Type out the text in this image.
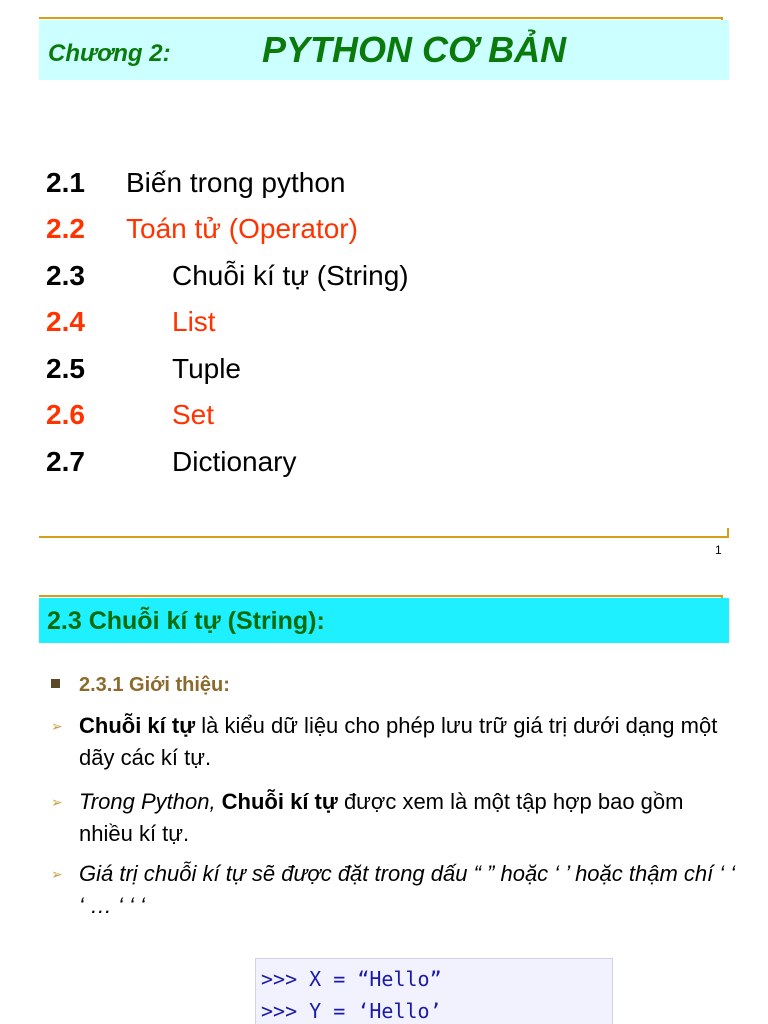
Chương 2:	PYTHON CƠ BẢN
2.1 Biến trong python
2.2 Toán tử (Operator)
2.3	Chuỗi kí tự (String)
2.4	List
2.5	Tuple
2.6	Set
2.7	Dictionary
1
2.3 Chuỗi kí tự (String):
2.3.1 Giới thiệu:
➢ Chuỗi kí tự là kiểu dữ liệu cho phép lưu trữ giá trị dưới dạng một dãy các kí tự.
➢ Trong Python, Chuỗi kí tự được xem là một tập hợp bao gồm nhiều kí tự.
➢ Giá trị chuỗi kí tự sẽ được đặt trong dấu “ ” hoặc ‘ ’ hoặc thậm chí ‘ ‘ ‘ … ‘ ‘ ‘
>>> X = “Hello”
>>> Y = ‘Hello’
